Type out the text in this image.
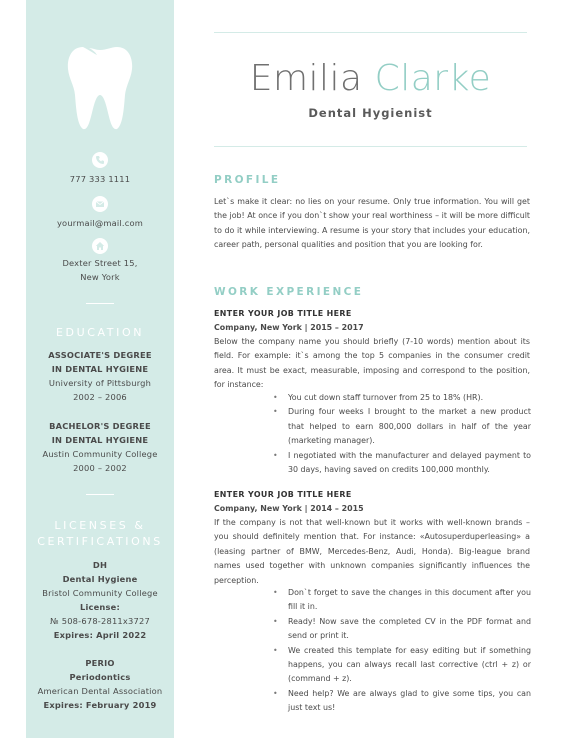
777 333 1111
yourmail@mail.com
Dexter Street 15,
New York
EDUCATION
ASSOCIATE'S DEGREE
IN DENTAL HYGIENE
University of Pittsburgh
2002 – 2006
BACHELOR'S DEGREE
IN DENTAL HYGIENE
Austin Community College
2000 – 2002
LICENSES &
CERTIFICATIONS
DH
Dental Hygiene
Bristol Community College
License:
№ 508-678-2811x3727
Expires: April 2022
PERIO
Periodontics
American Dental Association
Expires: February 2019
Emilia Clarke
Dental Hygienist
PROFILE
Let`s make it clear: no lies on your resume. Only true information. You will get the job! At once if you don`t show your real worthiness – it will be more difficult to do it while interviewing. A resume is your story that includes your education, career path, personal qualities and position that you are looking for.
WORK EXPERIENCE
ENTER YOUR JOB TITLE HERE
Company, New York | 2015 – 2017
Below the company name you should briefly (7-10 words) mention about its field. For example: it`s among the top 5 companies in the consumer credit area. It must be exact, measurable, imposing and correspond to the position, for instance:
• You cut down staff turnover from 25 to 18% (HR).
• During four weeks I brought to the market a new product that helped to earn 800,000 dollars in half of the year (marketing manager).
• I negotiated with the manufacturer and delayed payment to 30 days, having saved on credits 100,000 monthly.
ENTER YOUR JOB TITLE HERE
Company, New York | 2014 – 2015
If the company is not that well-known but it works with well-known brands – you should definitely mention that. For instance: «Autosuperduperleasing» a (leasing partner of BMW, Mercedes-Benz, Audi, Honda). Big-league brand names used together with unknown companies significantly influences the perception.
• Don`t forget to save the changes in this document after you fill it in.
• Ready! Now save the completed CV in the PDF format and send or print it.
• We created this template for easy editing but if something happens, you can always recall last corrective (ctrl + z) or (command + z).
• Need help? We are always glad to give some tips, you can just text us!
